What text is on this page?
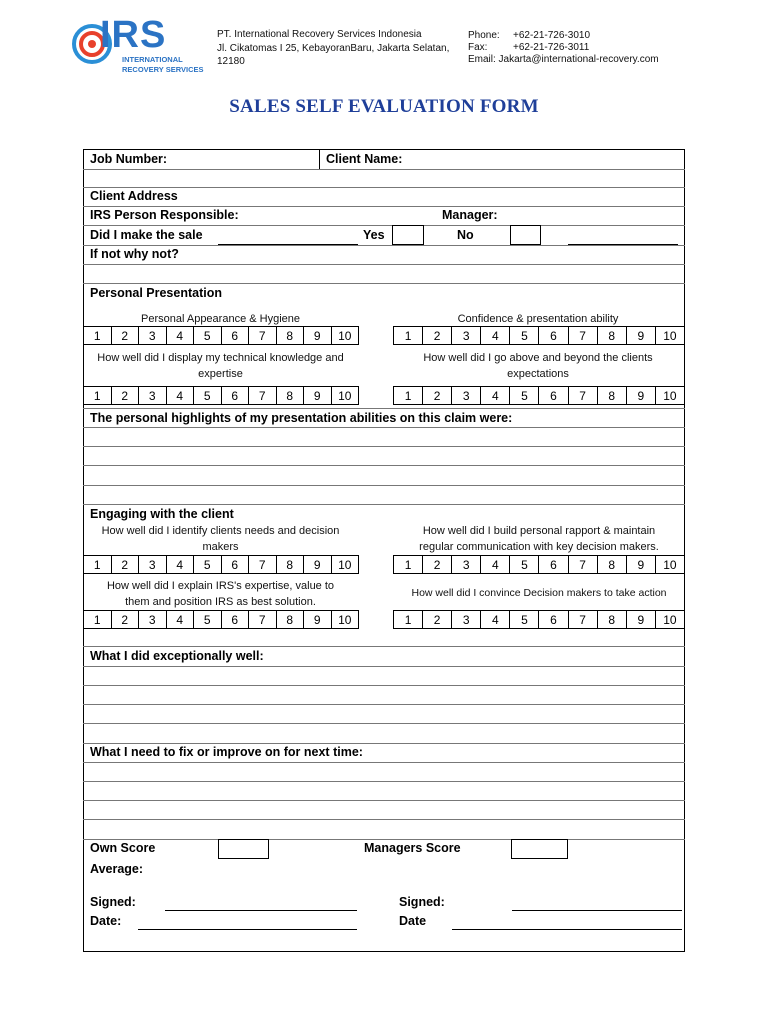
IRS
INTERNATIONAL
RECOVERY SERVICES
PT. International Recovery Services Indonesia
Jl. Cikatomas I 25, KebayoranBaru, Jakarta Selatan,
12180
Phone: +62-21-726-3010
Fax:	+62-21-726-3011
Email: Jakarta@international-recovery.com
SALES SELF EVALUATION FORM
Job Number:	Client Name:
Client Address
IRS Person Responsible:	Manager:
Did I make the sale	Yes	No
If not why not?
Personal Presentation
Personal Appearance & Hygiene	Confidence & presentation ability
1	2	3	4	5	6	7	8	9	10	1	2	3	4	5	6	7	8	9	10
How well did I display my technical knowledge and
expertise
How well did I go above and beyond the clients
expectations
1	2	3	4	5	6	7	8	9	10	1	2	3	4	5	6	7	8	9	10
The personal highlights of my presentation abilities on this claim were:
Engaging with the client
How well did I identify clients needs and decision
makers
How well did I build personal rapport & maintain
regular communication with key decision makers.
1	2	3	4	5	6	7	8	9	10	1	2	3	4	5	6	7	8	9	10
How well did I explain IRS's expertise, value to
them and position IRS as best solution.
How well did I convince Decision makers to take action
1	2	3	4	5	6	7	8	9	10	1	2	3	4	5	6	7	8	9	10
What I did exceptionally well:
What I need to fix or improve on for next time:
Own Score	Managers Score
Average:
Signed:
Date:
Signed:
Date
